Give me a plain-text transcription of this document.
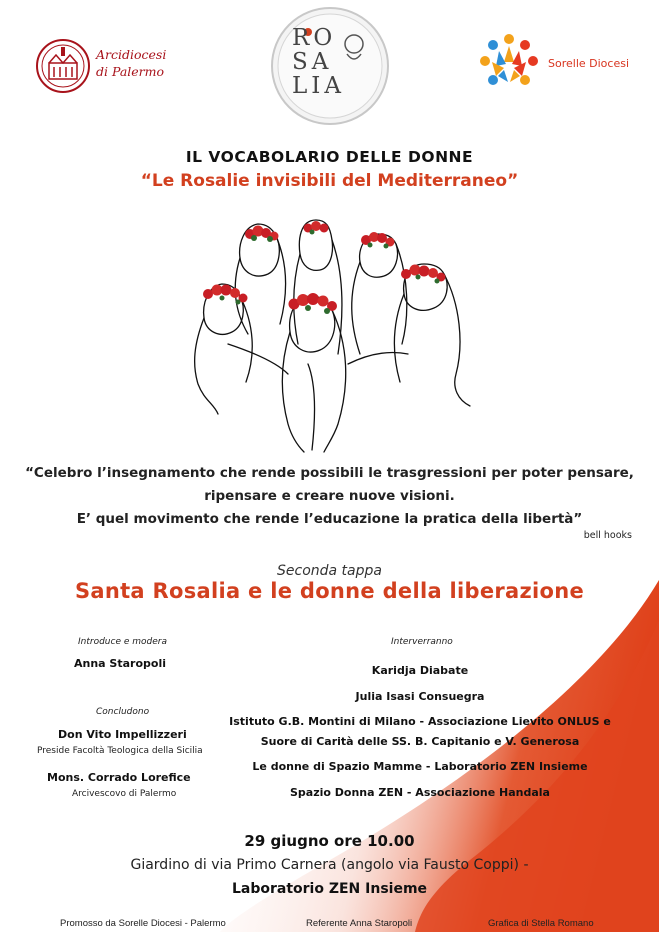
Arcidiocesi
di Palermo
RO
SA
LIA
Sorelle Diocesi
IL VOCABOLARIO DELLE DONNE
“Le Rosalie invisibili del Mediterraneo”
“Celebro l’insegnamento che rende possibili le trasgressioni per poter pensare,
ripensare e creare nuove visioni.
E’ quel movimento che rende l’educazione la pratica della libertà”
bell hooks
Seconda tappa
Santa Rosalia e le donne della liberazione
Introduce e modera
Anna Staropoli
Concludono
Don Vito Impellizzeri
Preside Facoltà Teologica della Sicilia
Mons. Corrado Lorefice
Arcivescovo di Palermo
Interverranno
Karidja Diabate
Julia Isasi Consuegra
Istituto G.B. Montini di Milano - Associazione Lievito ONLUS e
Suore di Carità delle SS. B. Capitanio e V. Generosa
Le donne di Spazio Mamme - Laboratorio ZEN Insieme
Spazio Donna ZEN - Associazione Handala
29 giugno ore 10.00
Giardino di via Primo Carnera (angolo via Fausto Coppi) -
Laboratorio ZEN Insieme
Promosso da Sorelle Diocesi - Palermo	Referente Anna Staropoli	Grafica di Stella Romano
